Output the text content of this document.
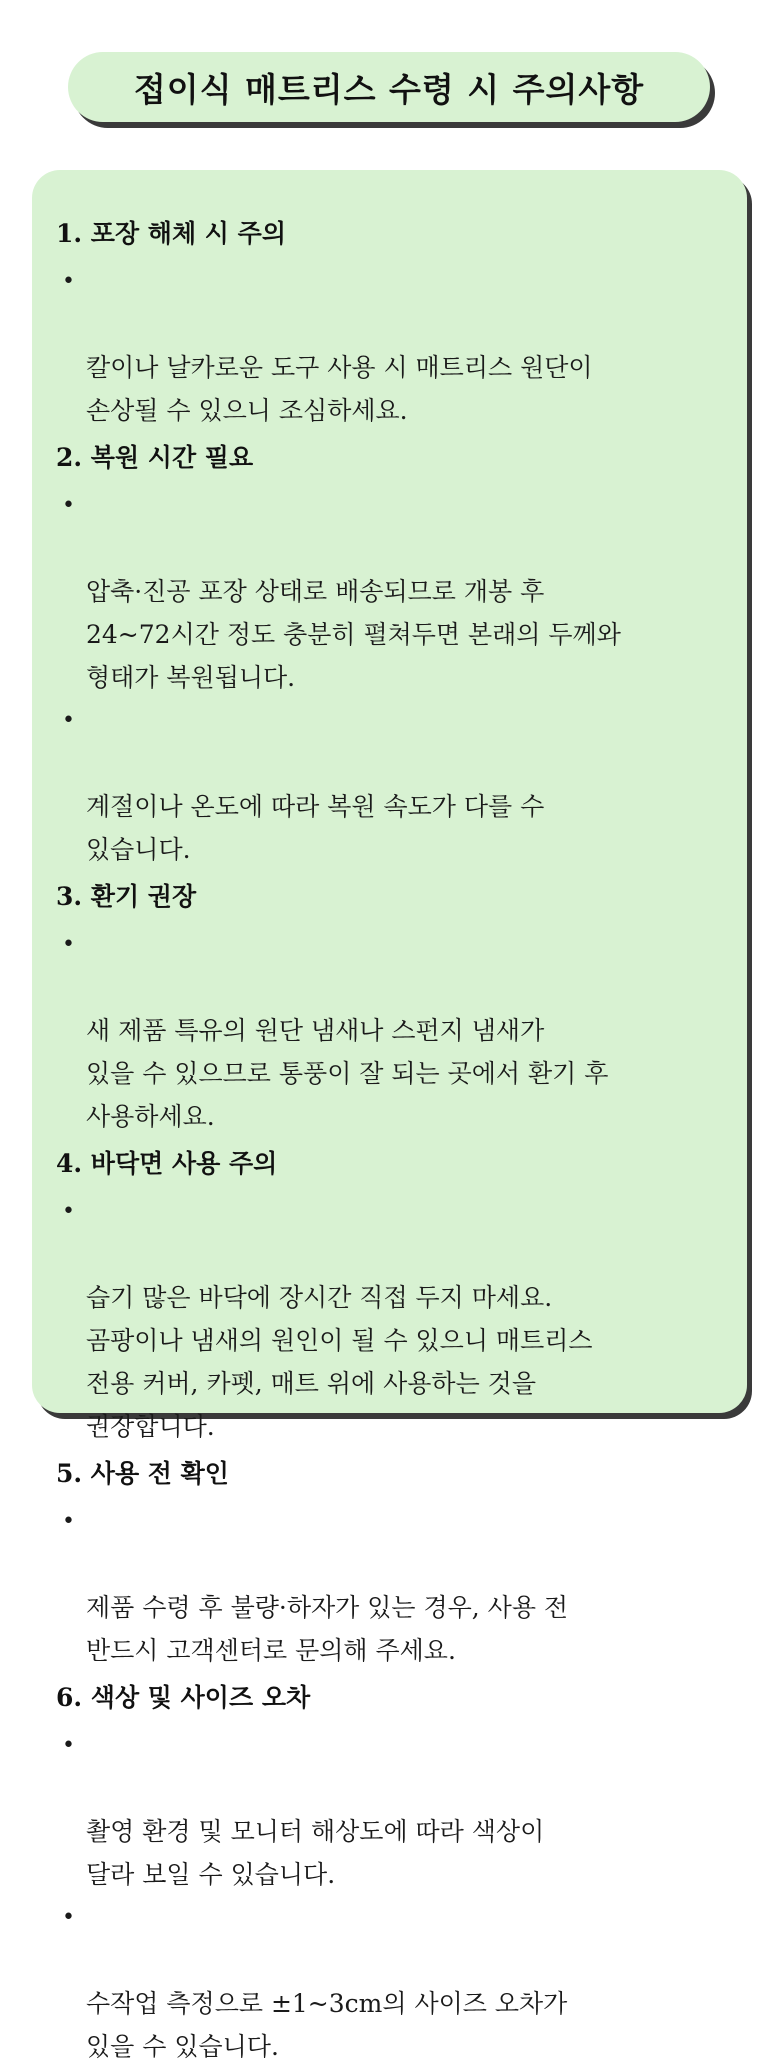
접이식 매트리스 수령 시 주의사항
1. 포장 해체 시 주의

•

칼이나 날카로운 도구 사용 시 매트리스 원단이
손상될 수 있으니 조심하세요.

2. 복원 시간 필요

•

압축·진공 포장 상태로 배송되므로 개봉 후
24~72시간 정도 충분히 펼쳐두면 본래의 두께와
형태가 복원됩니다.

•

계절이나 온도에 따라 복원 속도가 다를 수
있습니다.

3. 환기 권장

•

새 제품 특유의 원단 냄새나 스펀지 냄새가
있을 수 있으므로 통풍이 잘 되는 곳에서 환기 후
사용하세요.

4. 바닥면 사용 주의

•

습기 많은 바닥에 장시간 직접 두지 마세요.
곰팡이나 냄새의 원인이 될 수 있으니 매트리스
전용 커버, 카펫, 매트 위에 사용하는 것을
권장합니다.

5. 사용 전 확인

•

제품 수령 후 불량·하자가 있는 경우, 사용 전
반드시 고객센터로 문의해 주세요.

6. 색상 및 사이즈 오차

•

촬영 환경 및 모니터 해상도에 따라 색상이
달라 보일 수 있습니다.

•

수작업 측정으로 ±1~3cm의 사이즈 오차가
있을 수 있습니다.
